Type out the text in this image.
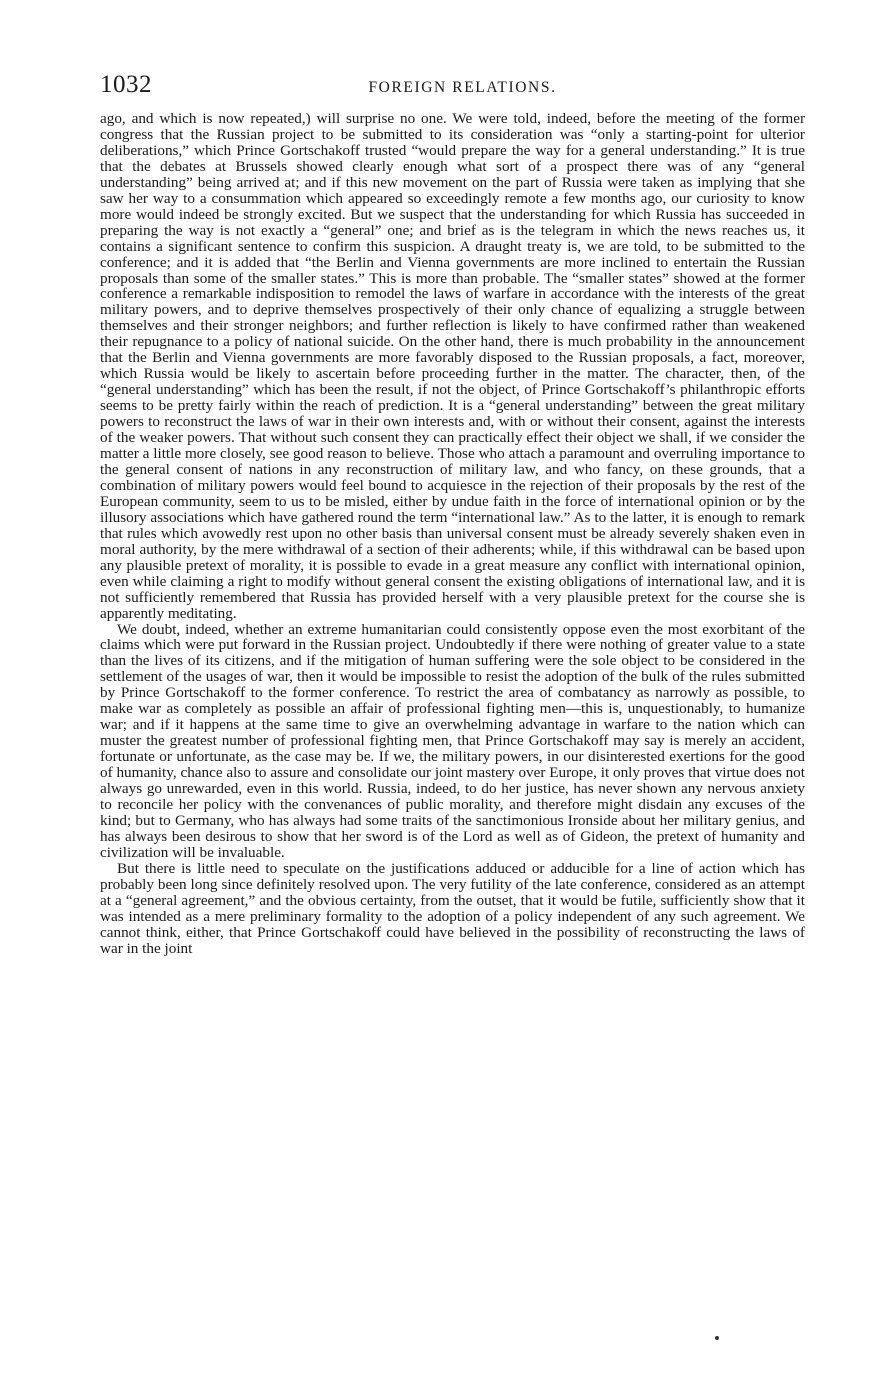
1032	FOREIGN RELATIONS.

ago, and which is now repeated,) will surprise no one. We were told, indeed, before the meeting of the former congress that the Russian project to be submitted to its consideration was “only a starting-point for ulterior deliberations,” which Prince Gortschakoff trusted “would prepare the way for a general understanding.” It is true that the debates at Brussels showed clearly enough what sort of a prospect there was of any “general understanding” being arrived at; and if this new movement on the part of Russia were taken as implying that she saw her way to a consummation which appeared so exceedingly remote a few months ago, our curiosity to know more would indeed be strongly excited. But we suspect that the understanding for which Russia has succeeded in preparing the way is not exactly a “general” one; and brief as is the telegram in which the news reaches us, it contains a significant sentence to confirm this suspicion. A draught treaty is, we are told, to be submitted to the conference; and it is added that “the Berlin and Vienna governments are more inclined to entertain the Russian proposals than some of the smaller states.” This is more than probable. The “smaller states” showed at the former conference a remarkable indisposition to remodel the laws of warfare in accordance with the interests of the great military powers, and to deprive themselves prospectively of their only chance of equalizing a struggle between themselves and their stronger neighbors; and further reflection is likely to have confirmed rather than weakened their repugnance to a policy of national suicide. On the other hand, there is much probability in the announcement that the Berlin and Vienna governments are more favorably disposed to the Russian proposals, a fact, moreover, which Russia would be likely to ascertain before proceeding further in the matter. The character, then, of the “general understanding” which has been the result, if not the object, of Prince Gortschakoff’s philanthropic efforts seems to be pretty fairly within the reach of prediction. It is a “general understanding” between the great military powers to reconstruct the laws of war in their own interests and, with or without their consent, against the interests of the weaker powers. That without such consent they can practically effect their object we shall, if we consider the matter a little more closely, see good reason to believe. Those who attach a paramount and overruling importance to the general consent of nations in any reconstruction of military law, and who fancy, on these grounds, that a combination of military powers would feel bound to acquiesce in the rejection of their proposals by the rest of the European community, seem to us to be misled, either by undue faith in the force of international opinion or by the illusory associations which have gathered round the term “international law.” As to the latter, it is enough to remark that rules which avowedly rest upon no other basis than universal consent must be already severely shaken even in moral authority, by the mere withdrawal of a section of their adherents; while, if this withdrawal can be based upon any plausible pretext of morality, it is possible to evade in a great measure any conflict with international opinion, even while claiming a right to modify without general consent the existing obligations of international law, and it is not sufficiently remembered that Russia has provided herself with a very plausible pretext for the course she is apparently meditating.

We doubt, indeed, whether an extreme humanitarian could consistently oppose even the most exorbitant of the claims which were put forward in the Russian project. Undoubtedly if there were nothing of greater value to a state than the lives of its citizens, and if the mitigation of human suffering were the sole object to be considered in the settlement of the usages of war, then it would be impossible to resist the adoption of the bulk of the rules submitted by Prince Gortschakoff to the former conference. To restrict the area of combatancy as narrowly as possible, to make war as completely as possible an affair of professional fighting men—this is, unquestionably, to humanize war; and if it happens at the same time to give an overwhelming advantage in warfare to the nation which can muster the greatest number of professional fighting men, that Prince Gortschakoff may say is merely an accident, fortunate or unfortunate, as the case may be. If we, the military powers, in our disinterested exertions for the good of humanity, chance also to assure and consolidate our joint mastery over Europe, it only proves that virtue does not always go unrewarded, even in this world. Russia, indeed, to do her justice, has never shown any nervous anxiety to reconcile her policy with the convenances of public morality, and therefore might disdain any excuses of the kind; but to Germany, who has always had some traits of the sanctimonious Ironside about her military genius, and has always been desirous to show that her sword is of the Lord as well as of Gideon, the pretext of humanity and civilization will be invaluable.

But there is little need to speculate on the justifications adduced or adducible for a line of action which has probably been long since definitely resolved upon. The very futility of the late conference, considered as an attempt at a “general agreement,” and the obvious certainty, from the outset, that it would be futile, sufficiently show that it was intended as a mere preliminary formality to the adoption of a policy independent of any such agreement. We cannot think, either, that Prince Gortschakoff could have believed in the possibility of reconstructing the laws of war in the joint
